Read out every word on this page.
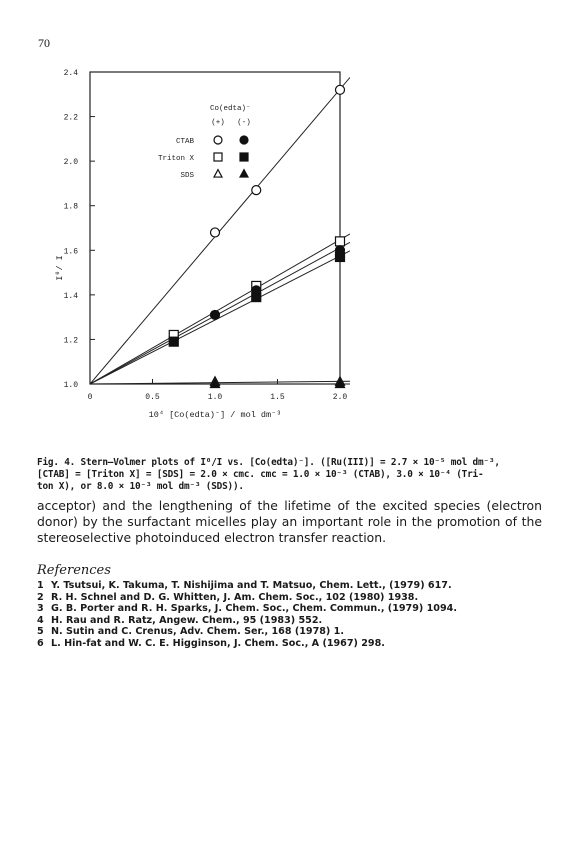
70
1.0
1.2
1.4
1.6
1.8
2.0
2.2
2.4
0	0.5	1.0	1.5	2.0
10⁴ [Co(edta)⁻] / mol dm⁻³
I⁰/ I
Co(edta)⁻
(+) (-)
CTAB
Triton X
SDS
Fig. 4. Stern–Volmer plots of I⁰/I vs. [Co(edta)⁻]. ([Ru(III)] = 2.7 × 10⁻⁵ mol dm⁻³,
[CTAB] = [Triton X] = [SDS] = 2.0 × cmc. cmc = 1.0 × 10⁻³ (CTAB), 3.0 × 10⁻⁴ (Tri-
ton X), or 8.0 × 10⁻³ mol dm⁻³ (SDS)).
acceptor) and the lengthening of the lifetime of the excited species (electron donor) by the surfactant micelles play an important role in the promotion of the stereoselective photoinduced electron transfer reaction.
References
1 Y. Tsutsui, K. Takuma, T. Nishijima and T. Matsuo, Chem. Lett., (1979) 617.
2 R. H. Schnel and D. G. Whitten, J. Am. Chem. Soc., 102 (1980) 1938.
3 G. B. Porter and R. H. Sparks, J. Chem. Soc., Chem. Commun., (1979) 1094.
4 H. Rau and R. Ratz, Angew. Chem., 95 (1983) 552.
5 N. Sutin and C. Crenus, Adv. Chem. Ser., 168 (1978) 1.
6 L. Hin-fat and W. C. E. Higginson, J. Chem. Soc., A (1967) 298.
